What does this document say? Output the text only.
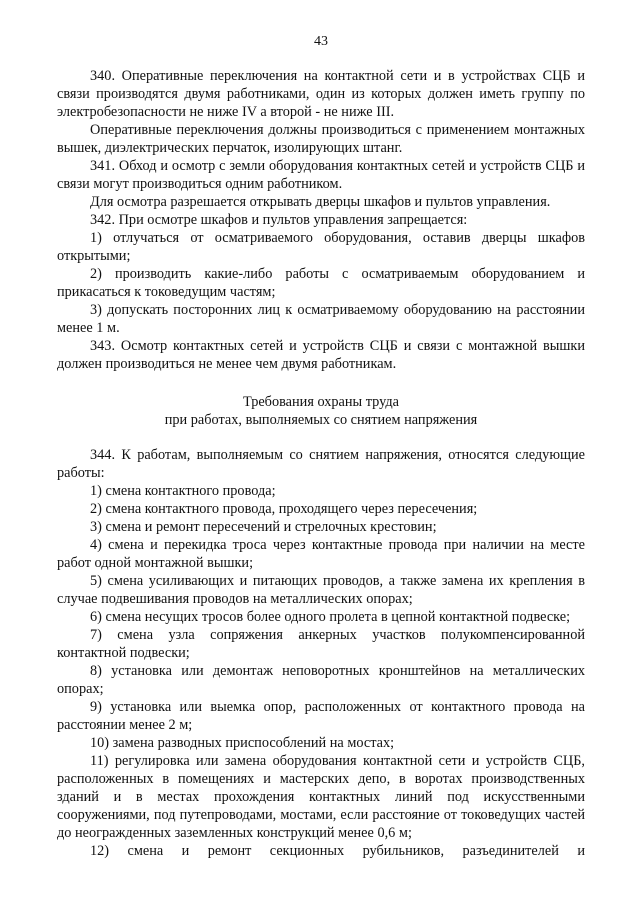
43

340. Оперативные переключения на контактной сети и в устройствах СЦБ и связи производятся двумя работниками, один из которых должен иметь группу по электробезопасности не ниже IV а второй - не ниже III.

Оперативные переключения должны производиться с применением монтажных вышек, диэлектрических перчаток, изолирующих штанг.

341. Обход и осмотр с земли оборудования контактных сетей и устройств СЦБ и связи могут производиться одним работником.

Для осмотра разрешается открывать дверцы шкафов и пультов управления.

342. При осмотре шкафов и пультов управления запрещается:

1) отлучаться от осматриваемого оборудования, оставив дверцы шкафов открытыми;

2) производить какие-либо работы с осматриваемым оборудованием и прикасаться к токоведущим частям;

3) допускать посторонних лиц к осматриваемому оборудованию на расстоянии менее 1 м.

343. Осмотр контактных сетей и устройств СЦБ и связи с монтажной вышки должен производиться не менее чем двумя работникам.

Требования охраны труда
при работах, выполняемых со снятием напряжения

344. К работам, выполняемым со снятием напряжения, относятся следующие работы:

1) смена контактного провода;

2) смена контактного провода, проходящего через пересечения;

3) смена и ремонт пересечений и стрелочных крестовин;

4) смена и перекидка троса через контактные провода при наличии на месте работ одной монтажной вышки;

5) смена усиливающих и питающих проводов, а также замена их крепления в случае подвешивания проводов на металлических опорах;

6) смена несущих тросов более одного пролета в цепной контактной подвеске;

7) смена узла сопряжения анкерных участков полукомпенсированной контактной подвески;

8) установка или демонтаж неповоротных кронштейнов на металлических опорах;

9) установка или выемка опор, расположенных от контактного провода на расстоянии менее 2 м;

10) замена разводных приспособлений на мостах;

11) регулировка или замена оборудования контактной сети и устройств СЦБ, расположенных в помещениях и мастерских депо, в воротах производственных зданий и в местах прохождения контактных линий под искусственными сооружениями, под путепроводами, мостами, если расстояние от токоведущих частей до неогражденных заземленных конструкций менее 0,6 м;

12) смена и ремонт секционных рубильников, разъединителей и
